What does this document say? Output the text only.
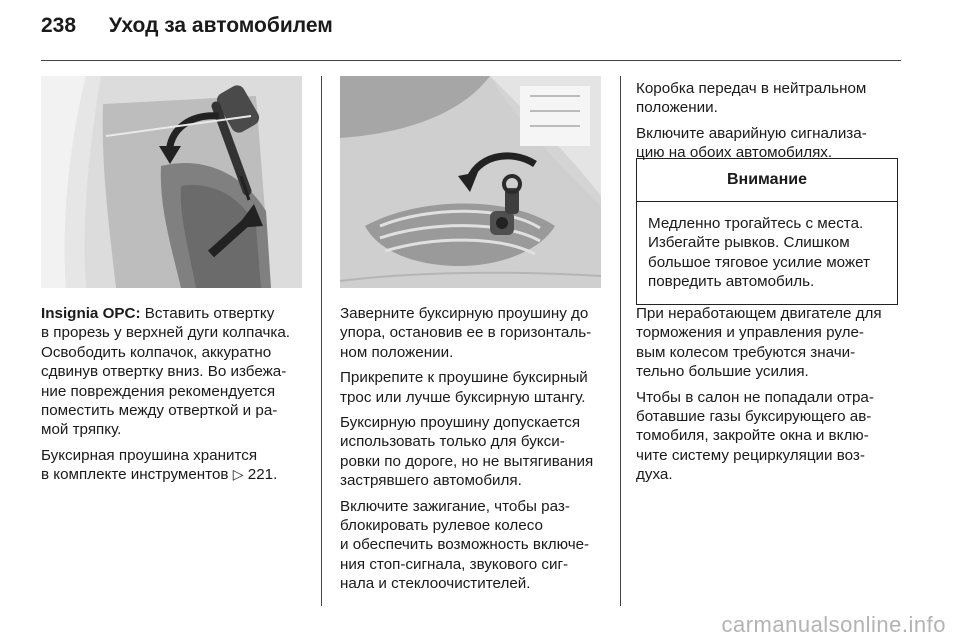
238 Уход за автомобилем

Insignia OPC: Вставить отвертку
в прорезь у верхней дуги колпачка.
Освободить колпачок, аккуратно
сдвинув отвертку вниз. Во избежа-
ние повреждения рекомендуется
поместить между отверткой и ра-
мой тряпку.

Буксирная проушина хранится
в комплекте инструментов ▷ 221.

Заверните буксирную проушину до
упора, остановив ее в горизонталь-
ном положении.

Прикрепите к проушине буксирный
трос или лучше буксирную штангу.

Буксирную проушину допускается
использовать только для букси-
ровки по дороге, но не вытягивания
застрявшего автомобиля.

Включите зажигание, чтобы раз-
блокировать рулевое колесо
и обеспечить возможность включе-
ния стоп-сигнала, звукового сиг-
нала и стеклоочистителей.

Коробка передач в нейтральном
положении.

Включите аварийную сигнализа-
цию на обоих автомобилях.

Внимание
Медленно трогайтесь с места.
Избегайте рывков. Слишком
большое тяговое усилие может
повредить автомобиль.

При неработающем двигателе для
торможения и управления руле-
вым колесом требуются значи-
тельно большие усилия.

Чтобы в салон не попадали отра-
ботавшие газы буксирующего ав-
томобиля, закройте окна и вклю-
чите систему рециркуляции воз-
духа.

carmanualsonline.info
